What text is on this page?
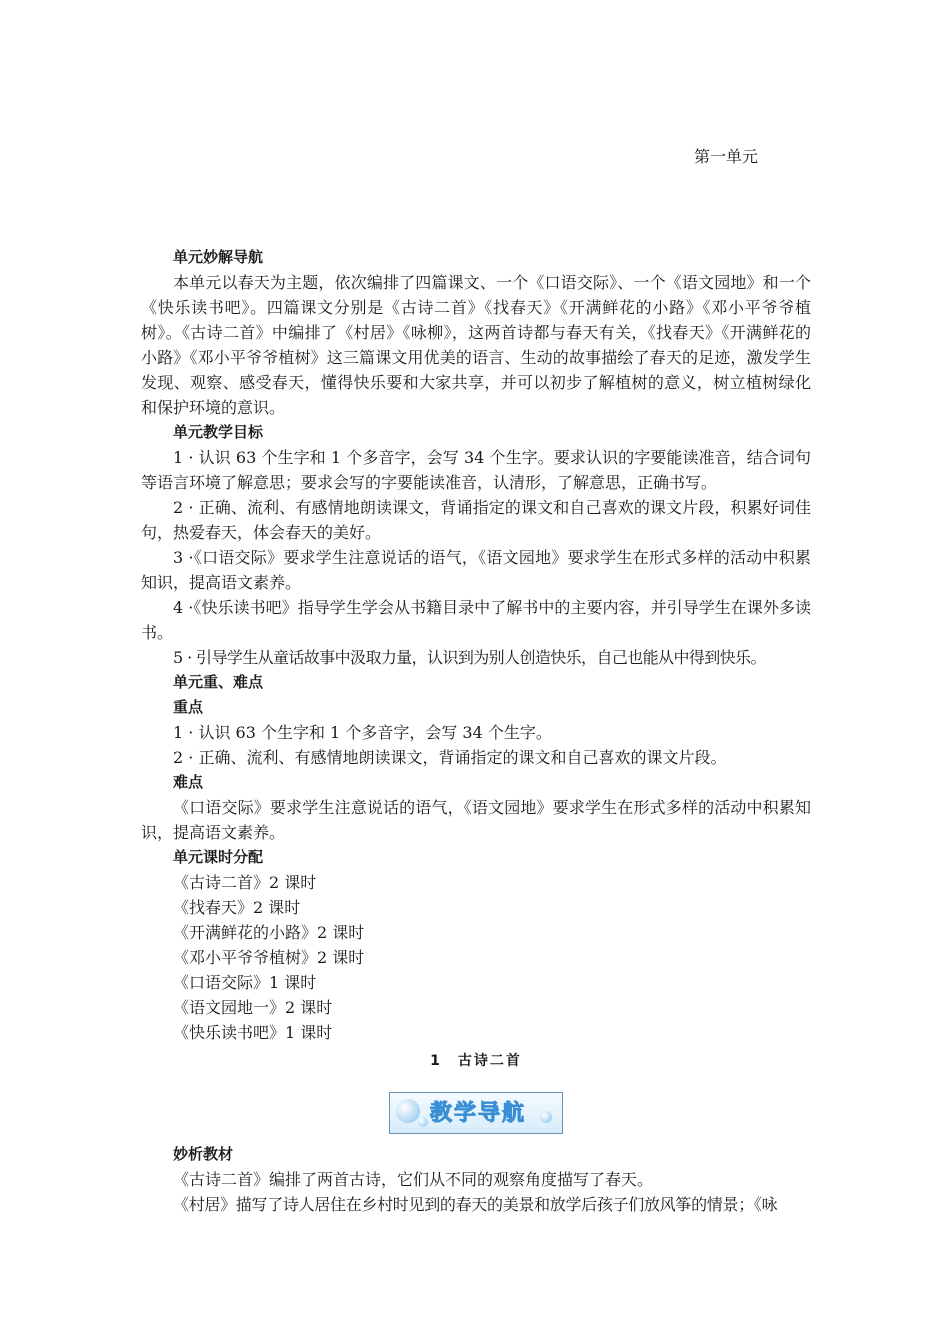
第一单元
单元妙解导航

本单元以春天为主题，依次编排了四篇课文、一个《口语交际》、一个《语文园地》和一个《快乐读书吧》。四篇课文分别是《古诗二首》《找春天》《开满鲜花的小路》《邓小平爷爷植树》。《古诗二首》中编排了《村居》《咏柳》，这两首诗都与春天有关，《找春天》《开满鲜花的小路》《邓小平爷爷植树》这三篇课文用优美的语言、生动的故事描绘了春天的足迹，激发学生发现、观察、感受春天，懂得快乐要和大家共享，并可以初步了解植树的意义，树立植树绿化和保护环境的意识。

单元教学目标

1 · 认识 63 个生字和 1 个多音字，会写 34 个生字。要求认识的字要能读准音，结合词句等语言环境了解意思；要求会写的字要能读准音，认清形，了解意思，正确书写。

2 · 正确、流利、有感情地朗读课文，背诵指定的课文和自己喜欢的课文片段，积累好词佳句，热爱春天，体会春天的美好。

3 ·《口语交际》要求学生注意说话的语气，《语文园地》要求学生在形式多样的活动中积累知识，提高语文素养。

4 ·《快乐读书吧》指导学生学会从书籍目录中了解书中的主要内容，并引导学生在课外多读书。

5 · 引导学生从童话故事中汲取力量，认识到为别人创造快乐，自己也能从中得到快乐。

单元重、难点
重点

1 · 认识 63 个生字和 1 个多音字，会写 34 个生字。

2 · 正确、流利、有感情地朗读课文，背诵指定的课文和自己喜欢的课文片段。

难点

《口语交际》要求学生注意说话的语气，《语文园地》要求学生在形式多样的活动中积累知识，提高语文素养。

单元课时分配
《古诗二首》2 课时
《找春天》2 课时
《开满鲜花的小路》2 课时
《邓小平爷爷植树》2 课时
《口语交际》1 课时
《语文园地一》2 课时
《快乐读书吧》1 课时
1　古诗二首
教学导航
妙析教材
《古诗二首》编排了两首古诗，它们从不同的观察角度描写了春天。
《村居》描写了诗人居住在乡村时见到的春天的美景和放学后孩子们放风筝的情景；《咏
